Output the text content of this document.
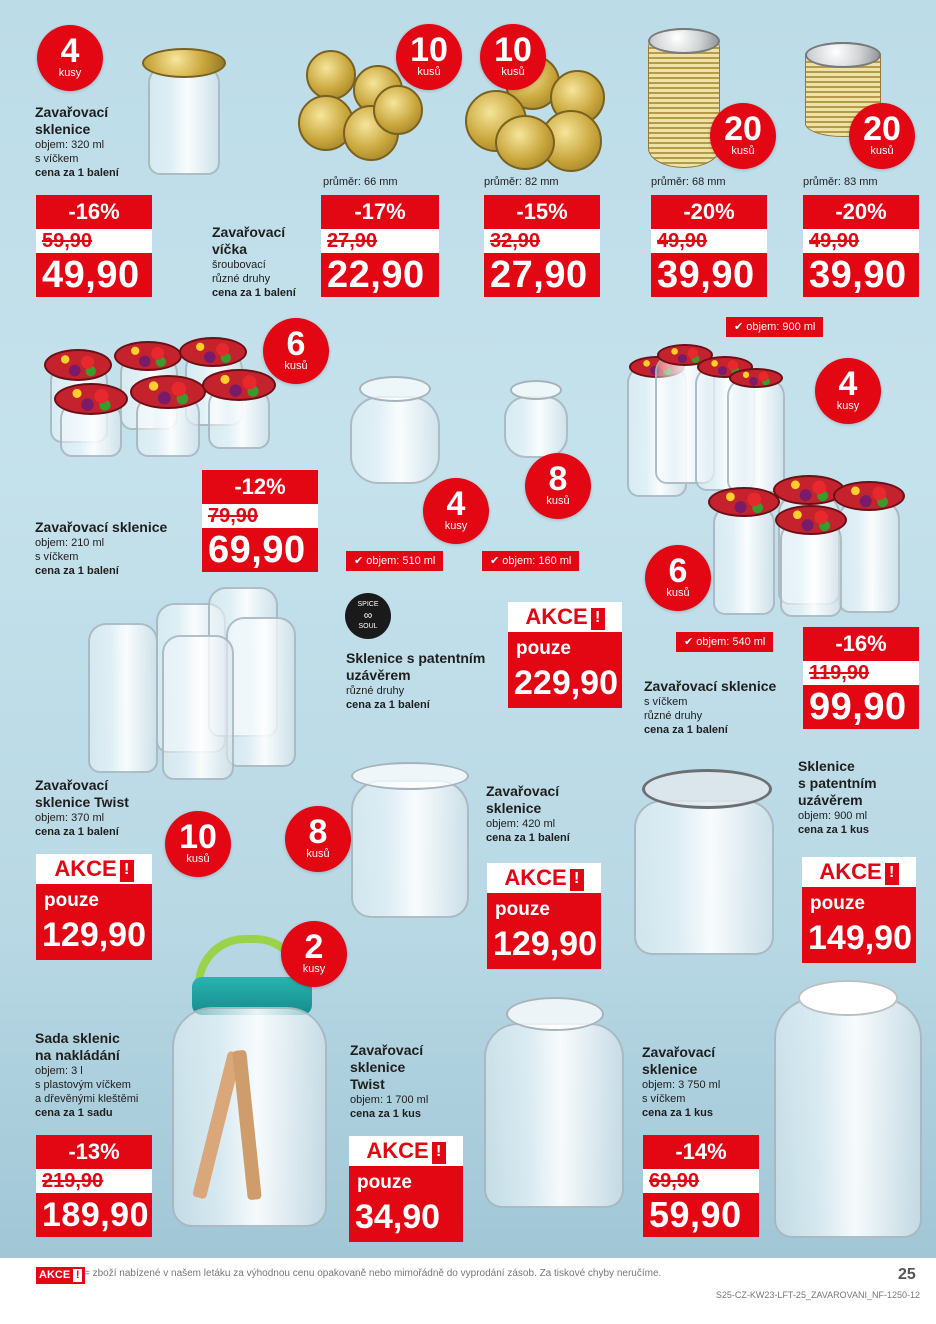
4
kusy
Zavařovací
sklenice
objem: 320 ml
s víčkem
cena za 1 balení
-16%
59,90
49,90
Zavařovací
víčka
šroubovací
různé druhy
cena za 1 balení
10
kusů
průměr: 66 mm
-17%
27,90
22,90
10
kusů
průměr: 82 mm
-15%
32,90
27,90
20
kusů
průměr: 68 mm
-20%
49,90
39,90
20
kusů
průměr: 83 mm
-20%
49,90
39,90
6
kusů
Zavařovací sklenice
objem: 210 ml
s víčkem
cena za 1 balení
-12%
79,90
69,90
4
kusy
8
kusů
✔ objem: 510 ml	✔ objem: 160 ml
SPICE
∞
SOUL
Sklenice s patentním
uzávěrem
různé druhy
cena za 1 balení
AKCE !
pouze
229,90
✔ objem: 900 ml
4
kusy
6
kusů
✔ objem: 540 ml
Zavařovací sklenice
s víčkem
různé druhy
cena za 1 balení
-16%
119,90
99,90
Zavařovací
sklenice Twist
objem: 370 ml
cena za 1 balení	10
kusů
AKCE !
pouze
129,90
8
kusů
Zavařovací
sklenice
objem: 420 ml
cena za 1 balení
AKCE !
pouze
129,90
Sklenice
s patentním
uzávěrem
objem: 900 ml
cena za 1 kus
AKCE !
pouze
149,90
2
kusy
Sada sklenic
na nakládání
objem: 3 l
s plastovým víčkem
a dřevěnými kleštěmi
cena za 1 sadu
-13%
219,90
189,90
Zavařovací
sklenice
Twist
objem: 1 700 ml
cena za 1 kus
AKCE !
pouze
34,90
Zavařovací
sklenice
objem: 3 750 ml
s víčkem
cena za 1 kus
-14%
69,90
59,90
AKCE ! = zboží nabízené v našem letáku za výhodnou cenu opakovaně nebo mimořádně do vyprodání zásob. Za tiskové chyby neručíme.	25
S25-CZ-KW23-LFT-25_ZAVAROVANI_NF-1250-12
